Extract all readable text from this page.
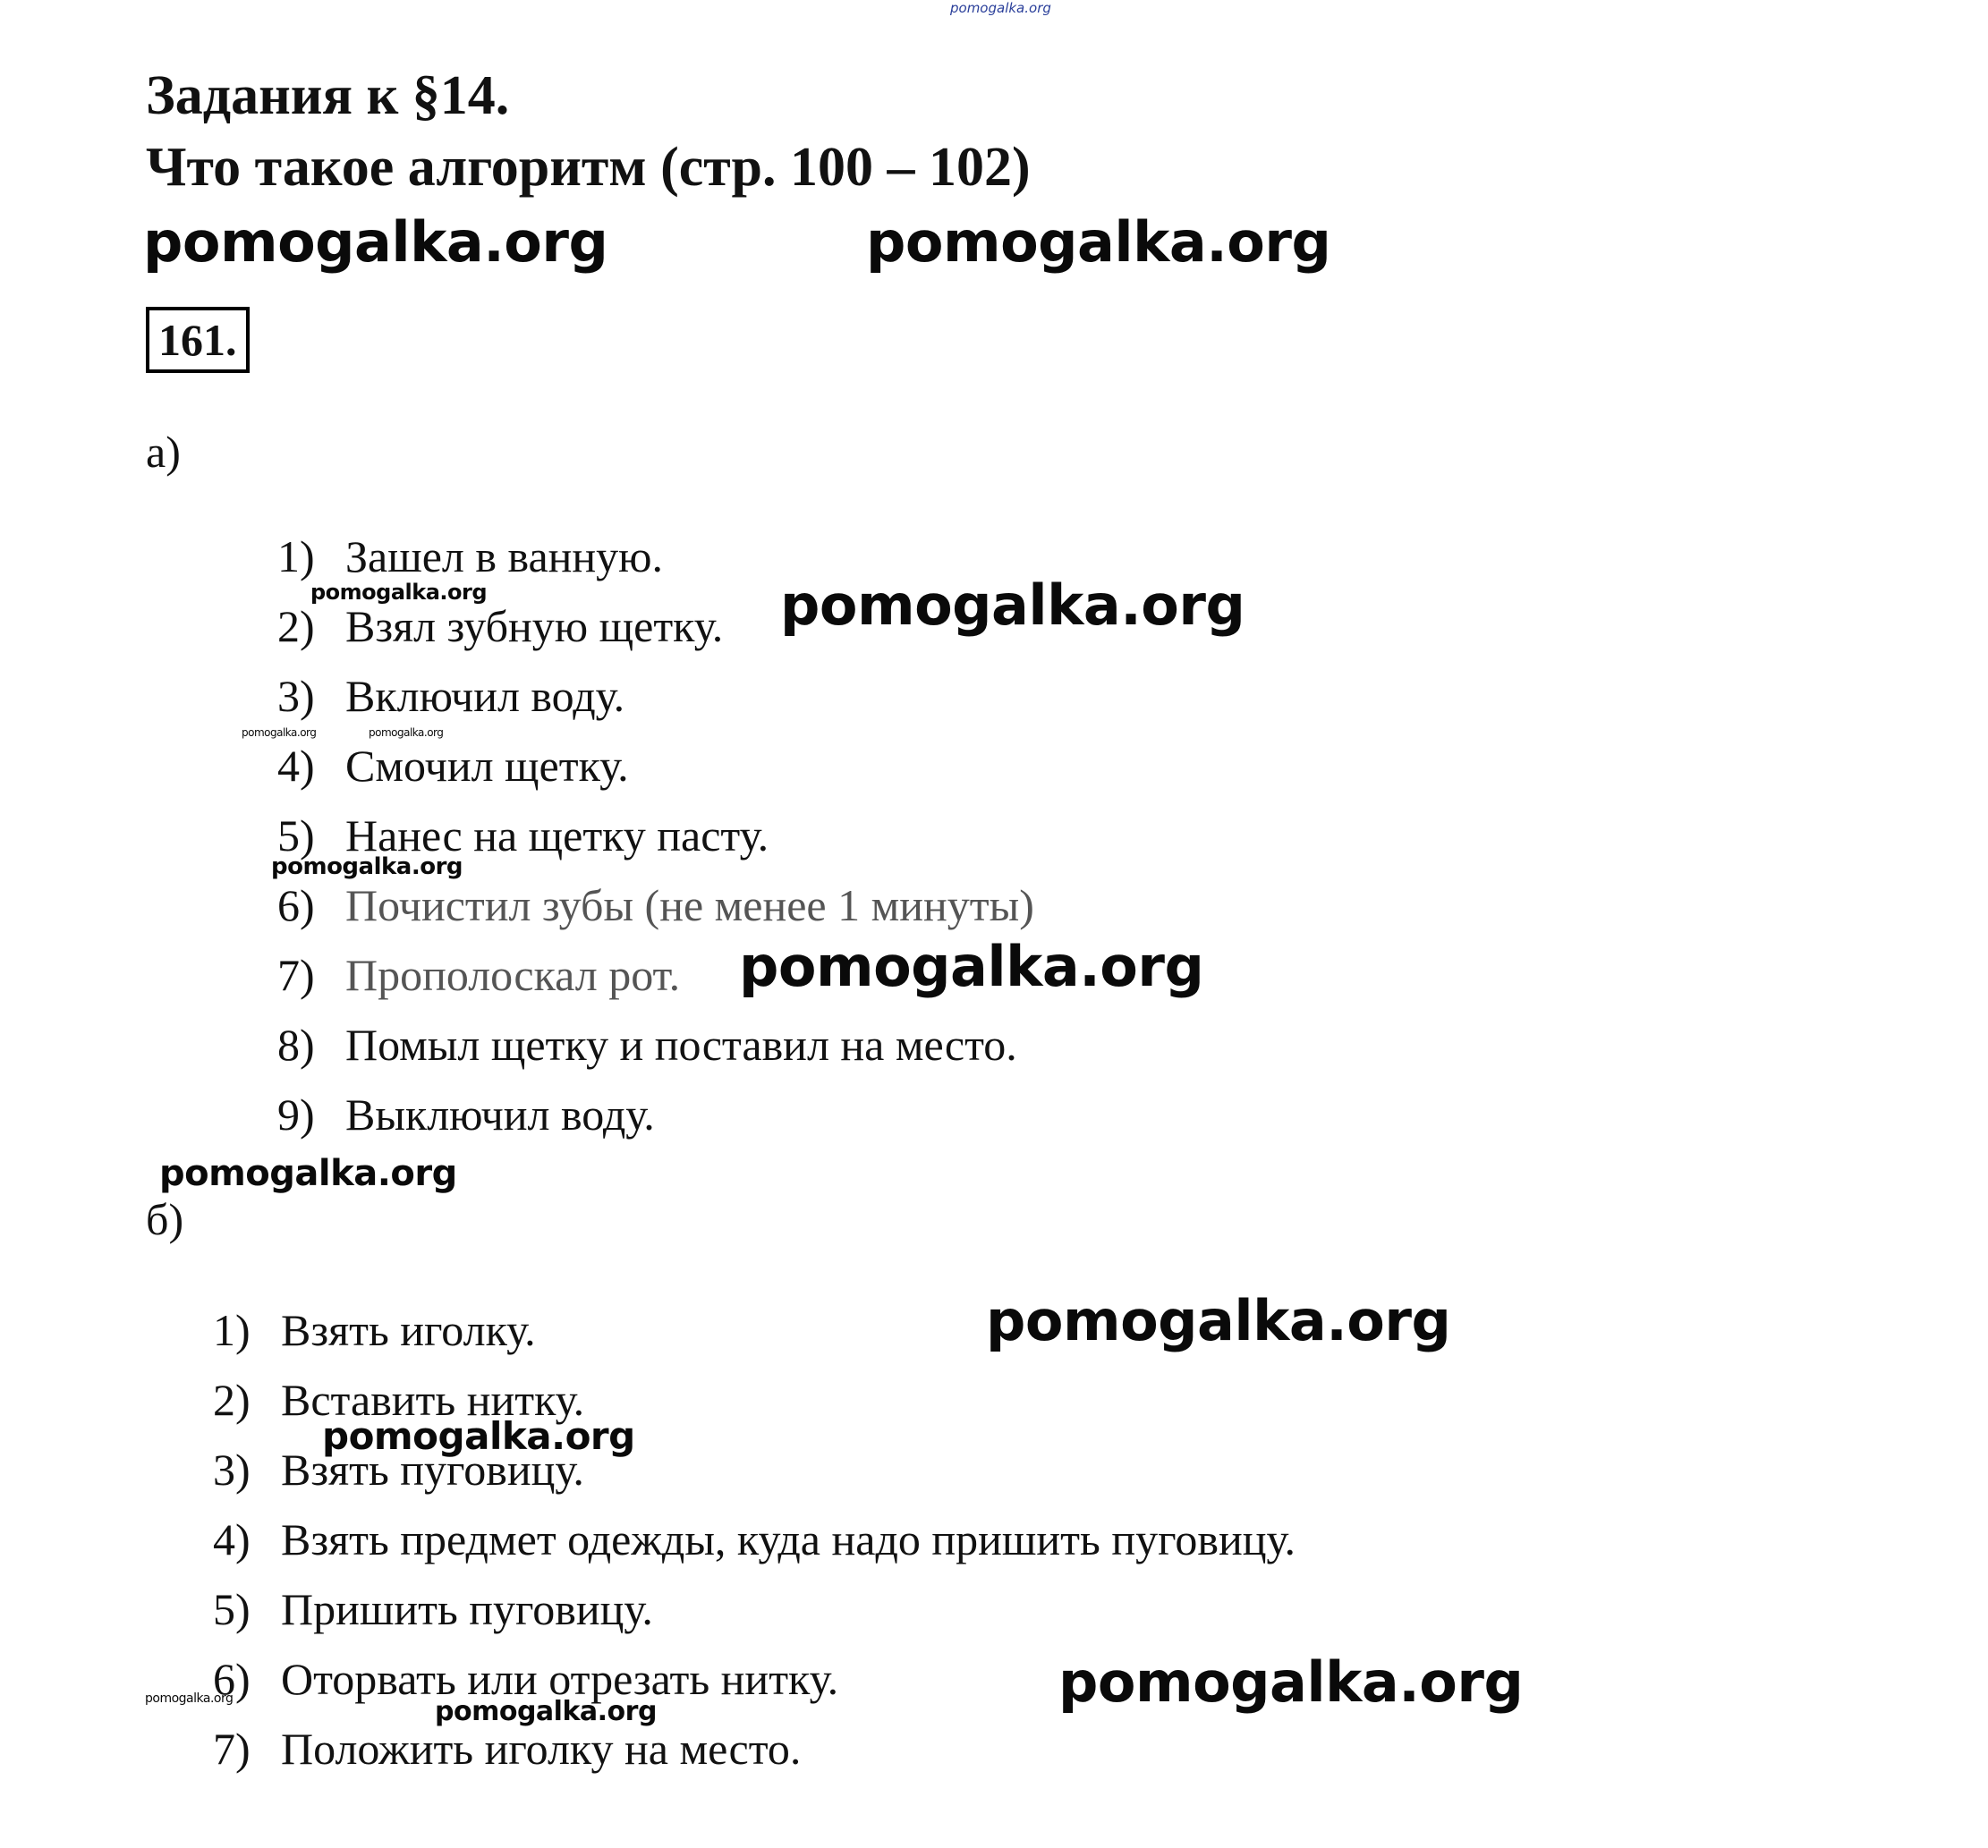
pomogalka.org
Задания к §14.
Что такое алгоритм (стр. 100 – 102)
pomogalka.org	pomogalka.org
161.
а)
1) Зашел в ванную.
2) Взял зубную щетку.
3) Включил воду.
4) Смочил щетку.
5) Нанес на щетку пасту.
6) Почистил зубы (не менее 1 минуты)
7) Прополоскал рот.
8) Помыл щетку и поставил на место.
9) Выключил воду.
pomogalka.org	pomogalka.org
pomogalka.org	pomogalka.org
pomogalka.org
pomogalka.org
pomogalka.org
б)
1) Взять иголку.
2) Вставить нитку.
3) Взять пуговицу.
4) Взять предмет одежды, куда надо пришить пуговицу.
5) Пришить пуговицу.
6) Оторвать или отрезать нитку.
7) Положить иголку на место.
pomogalka.org
pomogalka.org
pomogalka.org	pomogalka.org	pomogalka.org
